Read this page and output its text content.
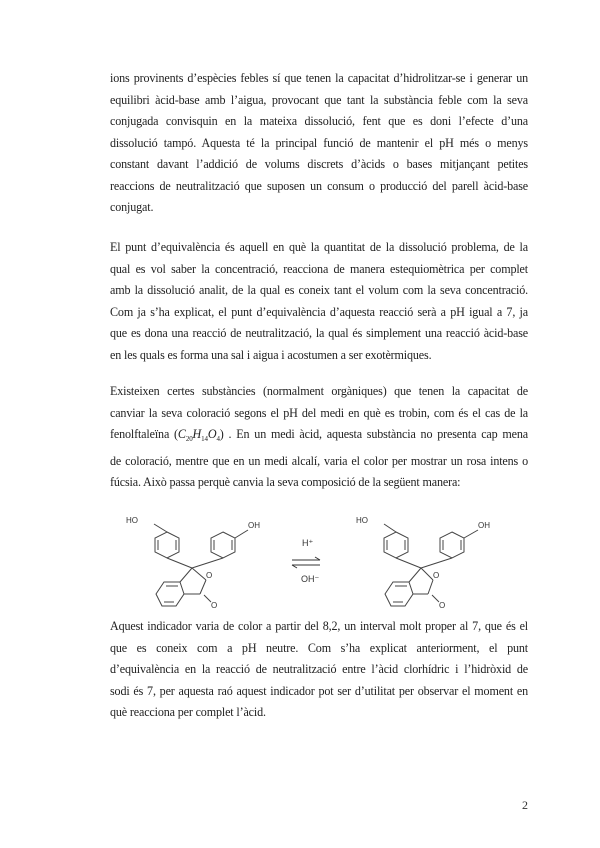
ions provinents d’espècies febles sí que tenen la capacitat d’hidrolitzar-se i generar un
equilibri àcid-base amb l’aigua, provocant que tant la substància feble com la seva
conjugada convisquin en la mateixa dissolució, fent que es doni l’efecte d’una
dissolució tampó. Aquesta té la principal funció de mantenir el pH més o menys
constant davant l’addició de volums discrets d’àcids o bases mitjançant petites
reaccions de neutralització que suposen un consum o producció del parell àcid-base
conjugat.

El punt d’equivalència és aquell en què la quantitat de la dissolució problema, de la
qual es vol saber la concentració, reacciona de manera estequiomètrica per complet
amb la dissolució analit, de la qual es coneix tant el volum com la seva concentració.
Com ja s’ha explicat, el punt d’equivalència d’aquesta reacció serà a pH igual a 7, ja
que es dona una reacció de neutralització, la qual és simplement una reacció àcid-base
en les quals es forma una sal i aigua i acostumen a ser exotèrmiques.

Existeixen certes substàncies (normalment orgàniques) que tenen la capacitat de
canviar la seva coloració segons el pH del medi en què es trobin, com és el cas de la
fenolftaleïna $(C_{20}H_{14}O_4)$ . En un medi àcid, aquesta substància no presenta cap mena
de coloració, mentre que en un medi alcalí, varia el color per mostrar un rosa intens o
fúcsia. Això passa perquè canvia la seva composició de la següent manera:

HO
OH
O
O
H⁺
OH⁻
HO
OH
O
O

Aquest indicador varia de color a partir del 8,2, un interval molt proper al 7, que és el
que es coneix com a pH neutre. Com s’ha explicat anteriorment, el punt
d’equivalència en la reacció de neutralització entre l’àcid clorhídric i l’hidròxid de
sodi és 7, per aquesta raó aquest indicador pot ser d’utilitat per observar el moment en
què reacciona per complet l’àcid.

2
